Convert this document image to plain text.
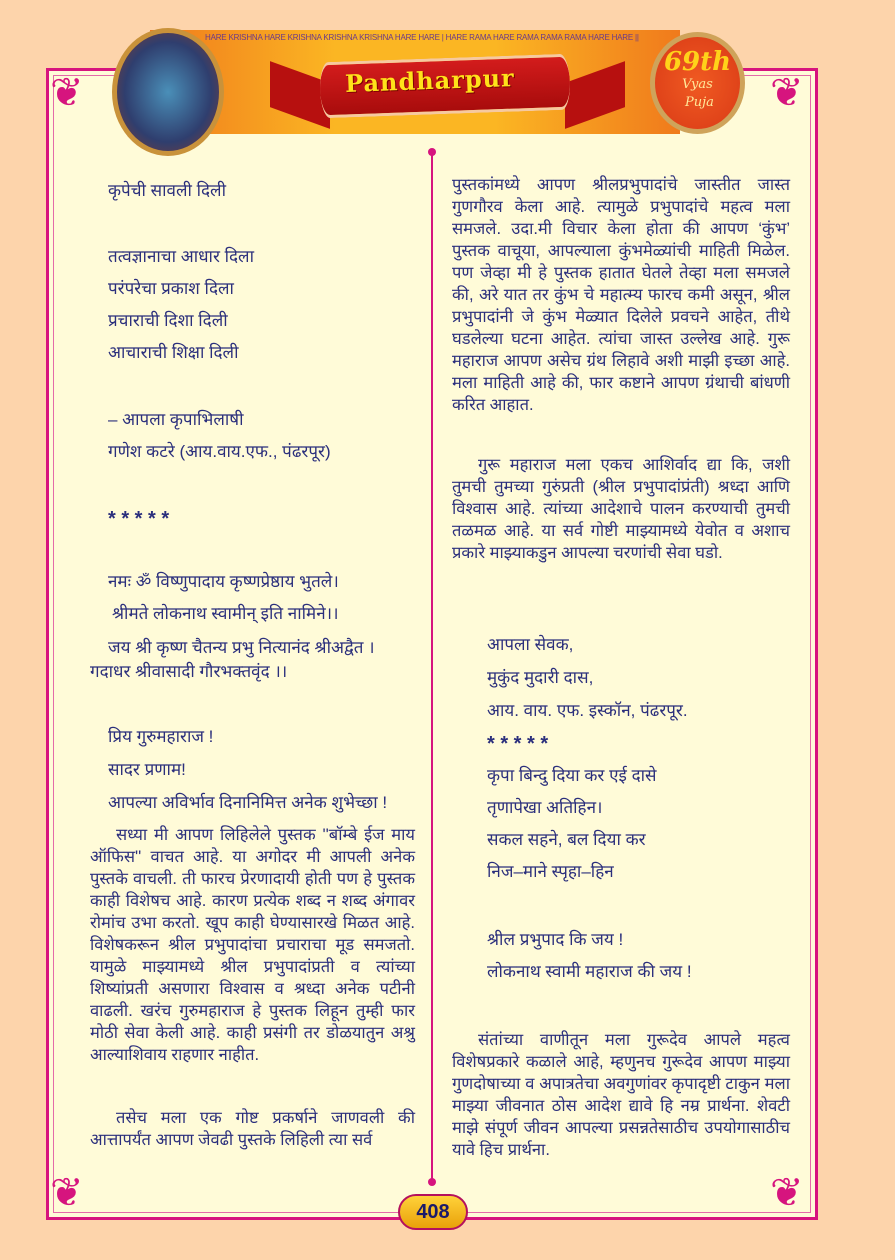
❦	❦
❦	❦
HARE KRISHNA HARE KRISHNA KRISHNA KRISHNA HARE HARE | HARE RAMA HARE RAMA RAMA RAMA HARE HARE ||
Pandharpur
69th
Vyas
Puja
कृपेची सावली दिली
तत्वज्ञानाचा आधार दिला
परंपरेचा प्रकाश दिला
प्रचाराची दिशा दिली
आचाराची शिक्षा दिली
– आपला कृपाभिलाषी
गणेश कटरे (आय.वाय.एफ., पंढरपूर)
* * * * *
नमः ॐ विष्णुपादाय कृष्णप्रेष्ठाय भुतले।
श्रीमते लोकनाथ स्वामीन् इति नामिने।।
जय श्री कृष्ण चैतन्य प्रभु नित्यानंद श्रीअद्वैत ।
गदाधर श्रीवासादी गौरभक्तवृंद ।।
प्रिय गुरुमहाराज !
सादर प्रणाम!
आपल्या अविर्भाव दिनानिमित्त अनेक शुभेच्छा !
सध्या मी आपण लिहिलेले पुस्तक ''बॉम्बे ईज माय ऑफिस'' वाचत आहे. या अगोदर मी आपली अनेक पुस्तके वाचली. ती फारच प्रेरणादायी होती पण हे पुस्तक काही विशेषच आहे. कारण प्रत्येक शब्द न शब्द अंगावर रोमांच उभा करतो. खूप काही घेण्यासारखे मिळत आहे. विशेषकरून श्रील प्रभुपादांचा प्रचाराचा मूड समजतो. यामुळे माझ्यामध्ये श्रील प्रभुपादांप्रती व त्यांच्या शिष्यांप्रती असणारा विश्वास व श्रध्दा अनेक पटीनी वाढली. खरंच गुरुमहाराज हे पुस्तक लिहून तुम्ही फार मोठी सेवा केली आहे. काही प्रसंगी तर डोळयातुन अश्रु आल्याशिवाय राहणार नाहीत.
तसेच मला एक गोष्ट प्रकर्षाने जाणवली की आत्तापर्यंत आपण जेवढी पुस्तके लिहिली त्या सर्व
पुस्तकांमध्ये आपण श्रीलप्रभुपादांचे जास्तीत जास्त गुणगौरव केला आहे. त्यामुळे प्रभुपादांचे महत्व मला समजले. उदा.मी विचार केला होता की आपण ‘कुंभ’ पुस्तक वाचूया, आपल्याला कुंभमेळ्यांची माहिती मिळेल. पण जेव्हा मी हे पुस्तक हातात घेतले तेव्हा मला समजले की, अरे यात तर कुंभ चे महात्म्य फारच कमी असून, श्रील प्रभुपादांनी जे कुंभ मेळ्यात दिलेले प्रवचने आहेत, तीथे घडलेल्या घटना आहेत. त्यांचा जास्त उल्लेख आहे. गुरू महाराज आपण असेच ग्रंथ लिहावे अशी माझी इच्छा आहे. मला माहिती आहे की, फार कष्टाने आपण ग्रंथाची बांधणी करित आहात.
गुरू महाराज मला एकच आशिर्वाद द्या कि, जशी तुमची तुमच्या गुरुंप्रती (श्रील प्रभुपादांप्रंती) श्रध्दा आणि विश्वास आहे. त्यांच्या आदेशाचे पालन करण्याची तुमची तळमळ आहे. या सर्व गोष्टी माझ्यामध्ये येवोत व अशाच प्रकारे माझ्याकडुन आपल्या चरणांची सेवा घडो.
आपला सेवक,
मुकुंद मुदारी दास,
आय. वाय. एफ. इस्कॉन, पंढरपूर.
* * * * *
कृपा बिन्दु दिया कर एई दासे
तृणापेखा अतिहिन।
सकल सहने, बल दिया कर
निज–माने स्पृहा–हिन
श्रील प्रभुपाद कि जय !
लोकनाथ स्वामी महाराज की जय !
संतांच्या वाणीतून मला गुरूदेव आपले महत्व विशेषप्रकारे कळाले आहे, म्हणुनच गुरूदेव आपण माझ्या गुणदोषाच्या व अपात्रतेचा अवगुणांवर कृपादृष्टी टाकुन मला माझ्या जीवनात ठोस आदेश द्यावे हि नम्र प्रार्थना. शेवटी माझे संपूर्ण जीवन आपल्या प्रसन्नतेसाठीच उपयोगासाठीच यावे हिच प्रार्थना.
408
